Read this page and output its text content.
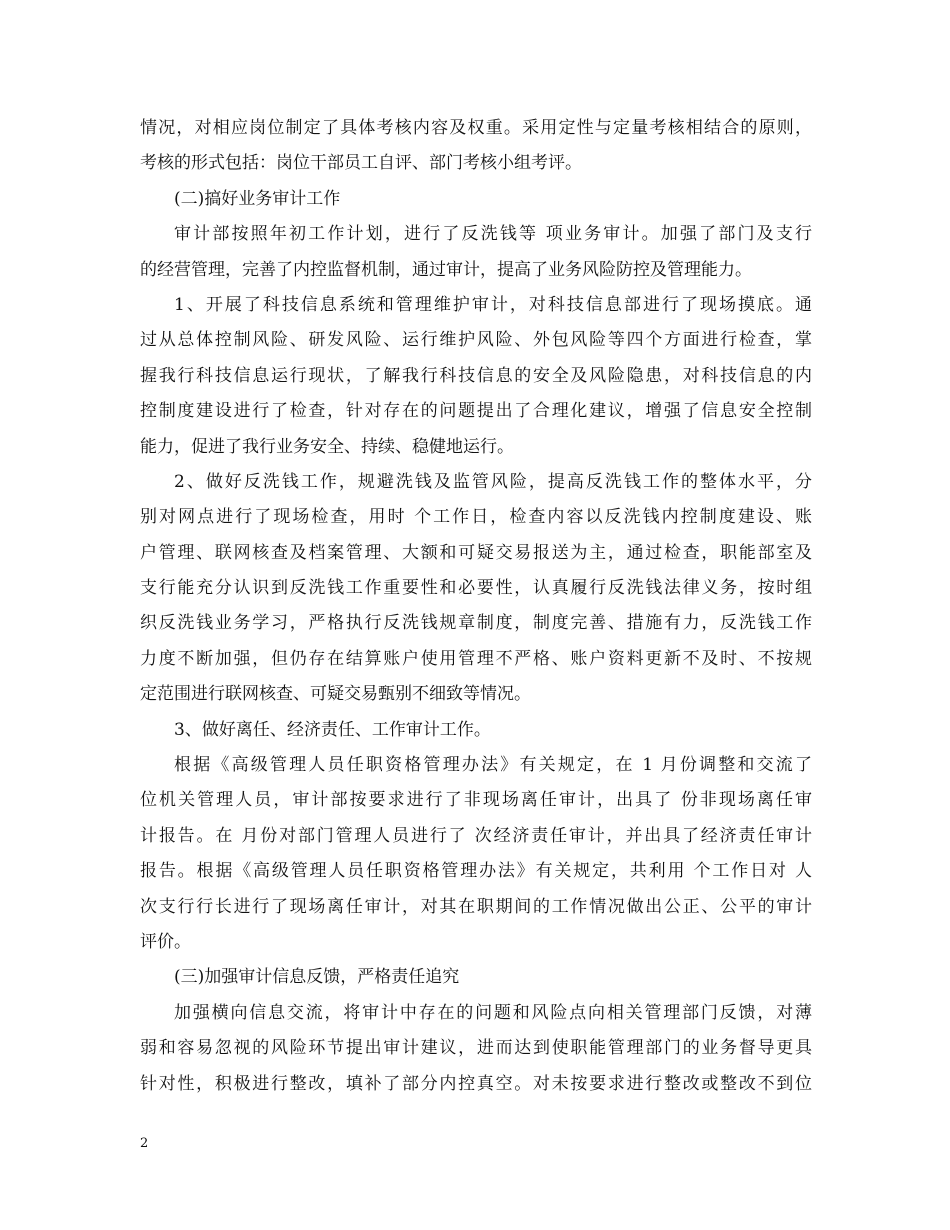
情况，对相应岗位制定了具体考核内容及权重。采用定性与定量考核相结合的原则，
考核的形式包括：岗位干部员工自评、部门考核小组考评。
(二)搞好业务审计工作
审计部按照年初工作计划，进行了反洗钱等 项业务审计。加强了部门及支行
的经营管理，完善了内控监督机制，通过审计，提高了业务风险防控及管理能力。
1、开展了科技信息系统和管理维护审计，对科技信息部进行了现场摸底。通
过从总体控制风险、研发风险、运行维护风险、外包风险等四个方面进行检查，掌
握我行科技信息运行现状，了解我行科技信息的安全及风险隐患，对科技信息的内
控制度建设进行了检查，针对存在的问题提出了合理化建议，增强了信息安全控制
能力，促进了我行业务安全、持续、稳健地运行。
2、做好反洗钱工作，规避洗钱及监管风险，提高反洗钱工作的整体水平，分
别对网点进行了现场检查，用时 个工作日，检查内容以反洗钱内控制度建设、账
户管理、联网核查及档案管理、大额和可疑交易报送为主，通过检查，职能部室及
支行能充分认识到反洗钱工作重要性和必要性，认真履行反洗钱法律义务，按时组
织反洗钱业务学习，严格执行反洗钱规章制度，制度完善、措施有力，反洗钱工作
力度不断加强，但仍存在结算账户使用管理不严格、账户资料更新不及时、不按规
定范围进行联网核查、可疑交易甄别不细致等情况。
3、做好离任、经济责任、工作审计工作。
根据《高级管理人员任职资格管理办法》有关规定，在 1 月份调整和交流了
位机关管理人员，审计部按要求进行了非现场离任审计，出具了 份非现场离任审
计报告。在 月份对部门管理人员进行了 次经济责任审计，并出具了经济责任审计
报告。根据《高级管理人员任职资格管理办法》有关规定，共利用 个工作日对 人
次支行行长进行了现场离任审计，对其在职期间的工作情况做出公正、公平的审计
评价。
(三)加强审计信息反馈，严格责任追究
加强横向信息交流，将审计中存在的问题和风险点向相关管理部门反馈，对薄
弱和容易忽视的风险环节提出审计建议，进而达到使职能管理部门的业务督导更具
针对性，积极进行整改，填补了部分内控真空。对未按要求进行整改或整改不到位
2
